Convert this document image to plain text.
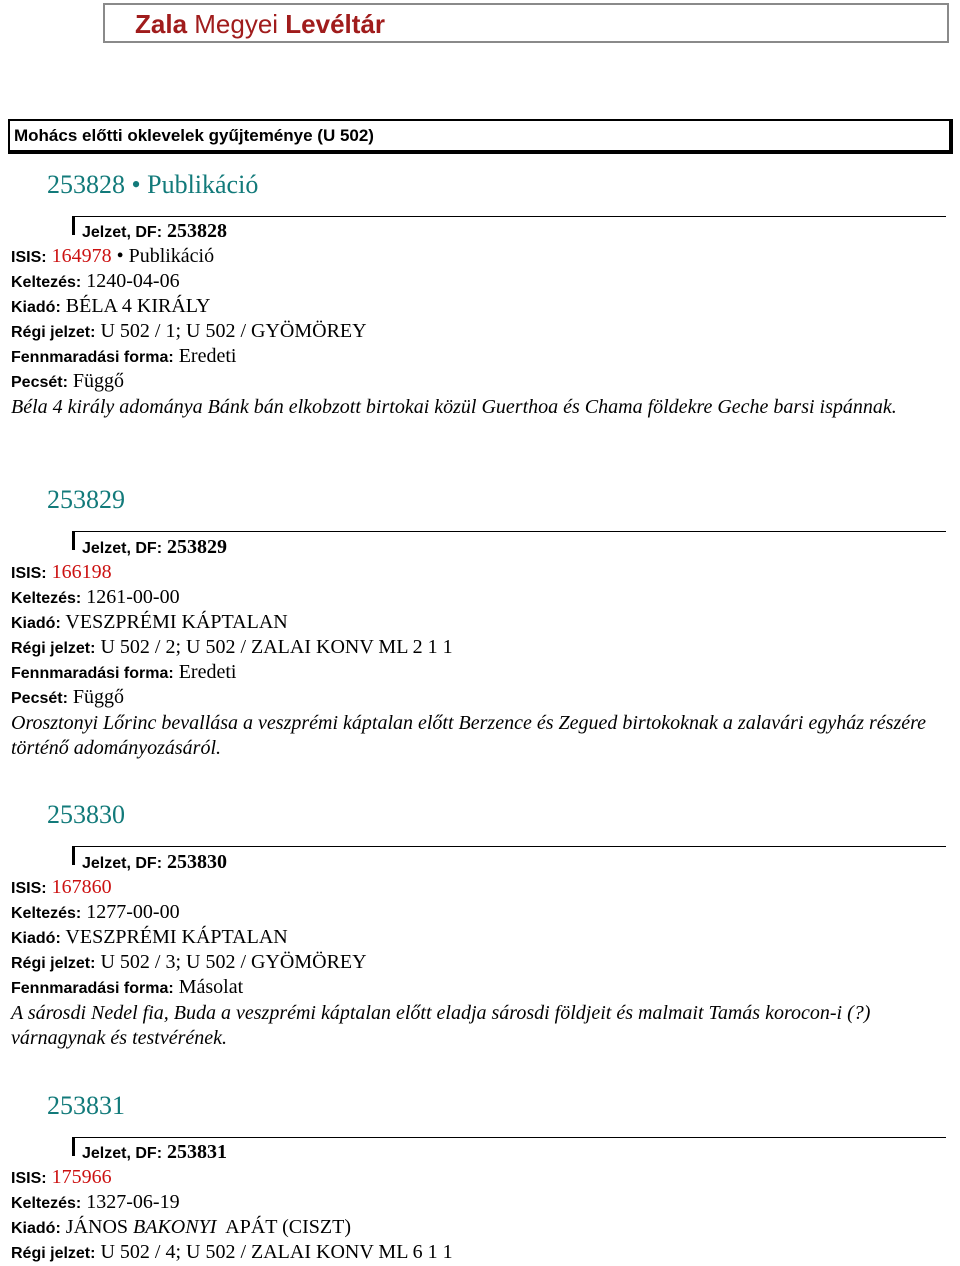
Zala Megyei Levéltár
Mohács előtti oklevelek gyűjteménye (U 502)
253828 • Publikáció
Jelzet, DF: 253828
ISIS: 164978 • Publikáció
Keltezés: 1240-04-06
Kiadó: BÉLA 4 KIRÁLY
Régi jelzet: U 502 / 1; U 502 / GYÖMÖREY
Fennmaradási forma: Eredeti
Pecsét: Függő
Béla 4 király adománya Bánk bán elkobzott birtokai közül Guerthoa és Chama földekre Geche barsi ispánnak.
253829
Jelzet, DF: 253829
ISIS: 166198
Keltezés: 1261-00-00
Kiadó: VESZPRÉMI KÁPTALAN
Régi jelzet: U 502 / 2; U 502 / ZALAI KONV ML 2 1 1
Fennmaradási forma: Eredeti
Pecsét: Függő
Orosztonyi Lőrinc bevallása a veszprémi káptalan előtt Berzence és Zegued birtokoknak a zalavári egyház részére történő adományozásáról.
253830
Jelzet, DF: 253830
ISIS: 167860
Keltezés: 1277-00-00
Kiadó: VESZPRÉMI KÁPTALAN
Régi jelzet: U 502 / 3; U 502 / GYÖMÖREY
Fennmaradási forma: Másolat
A sárosdi Nedel fia, Buda a veszprémi káptalan előtt eladja sárosdi földjeit és malmait Tamás korocon-i (?) várnagynak és testvérének.
253831
Jelzet, DF: 253831
ISIS: 175966
Keltezés: 1327-06-19
Kiadó: JÁNOS BAKONYI  APÁT (CISZT)
Régi jelzet: U 502 / 4; U 502 / ZALAI KONV ML 6 1 1
